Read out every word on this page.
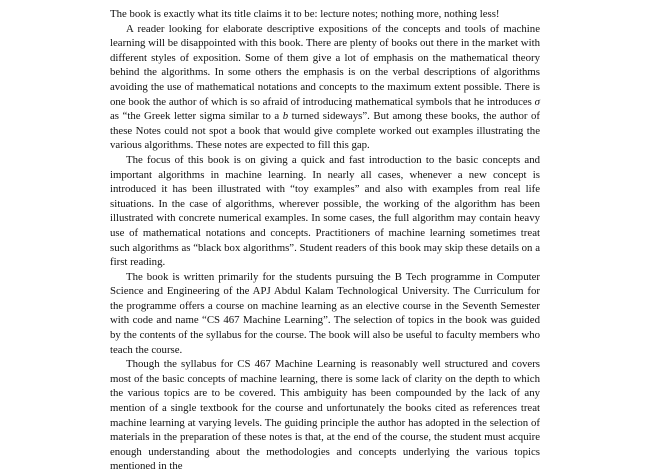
The book is exactly what its title claims it to be: lecture notes; nothing more, nothing less!

A reader looking for elaborate descriptive expositions of the concepts and tools of machine learning will be disappointed with this book. There are plenty of books out there in the market with different styles of exposition. Some of them give a lot of emphasis on the mathematical theory behind the algorithms. In some others the emphasis is on the verbal descriptions of algorithms avoiding the use of mathematical notations and concepts to the maximum extent possible. There is one book the author of which is so afraid of introducing mathematical symbols that he introduces σ as “the Greek letter sigma similar to a b turned sideways”. But among these books, the author of these Notes could not spot a book that would give complete worked out examples illustrating the various algorithms. These notes are expected to fill this gap.

The focus of this book is on giving a quick and fast introduction to the basic concepts and important algorithms in machine learning. In nearly all cases, whenever a new concept is introduced it has been illustrated with “toy examples” and also with examples from real life situations. In the case of algorithms, wherever possible, the working of the algorithm has been illustrated with concrete numerical examples. In some cases, the full algorithm may contain heavy use of mathematical notations and concepts. Practitioners of machine learning sometimes treat such algorithms as “black box algorithms”. Student readers of this book may skip these details on a first reading.

The book is written primarily for the students pursuing the B Tech programme in Computer Science and Engineering of the APJ Abdul Kalam Technological University. The Curriculum for the programme offers a course on machine learning as an elective course in the Seventh Semester with code and name “CS 467 Machine Learning”. The selection of topics in the book was guided by the contents of the syllabus for the course. The book will also be useful to faculty members who teach the course.

Though the syllabus for CS 467 Machine Learning is reasonably well structured and covers most of the basic concepts of machine learning, there is some lack of clarity on the depth to which the various topics are to be covered. This ambiguity has been compounded by the lack of any mention of a single textbook for the course and unfortunately the books cited as references treat machine learning at varying levels. The guiding principle the author has adopted in the selection of materials in the preparation of these notes is that, at the end of the course, the student must acquire enough understanding about the methodologies and concepts underlying the various topics mentioned in the
